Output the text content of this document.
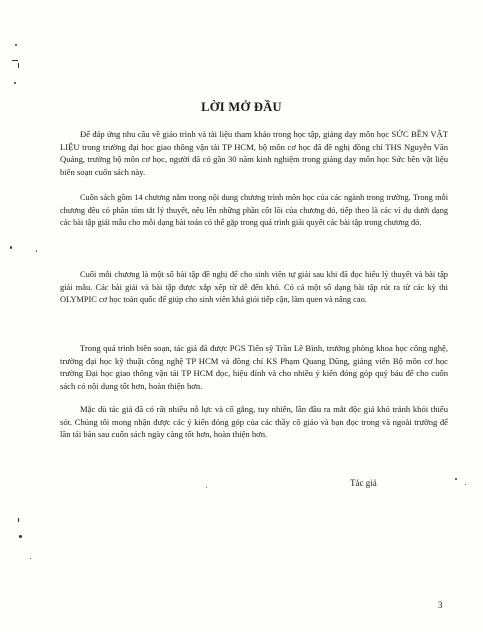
LỜI MỞ ĐẦU

Để đáp ứng nhu cầu về giáo trình và tài liệu tham khảo trong học tập, giảng dạy môn học SỨC BỀN VẬT LIỆU trong trường đại học giao thông vận tải TP HCM, bộ môn cơ học đã đề nghị đồng chí THS Nguyễn Văn Quảng, trưởng bộ môn cơ học, người đã có gần 30 năm kinh nghiệm trong giảng dạy môn học Sức bền vật liệu biên soạn cuốn sách này.

Cuốn sách gồm 14 chương nằm trong nội dung chương trình môn học của các ngành trong trường. Trong mỗi chương đều có phần tóm tắt lý thuyết, nêu lên những phần cốt lõi của chương đó, tiếp theo là các ví dụ dưới dạng các bài tập giải mẫu cho mỗi dạng bài toán có thể gặp trong quá trình giải quyết các bài tập trong chương đó.

Cuối mỗi chương là một số bài tập đề nghị để cho sinh viên tự giải sau khi đã đọc hiểu lý thuyết và bài tập giải mẫu. Các bài giải và bài tập được xắp xếp từ dễ đến khó. Có cả một số dạng bài tập rút ra từ các kỳ thi OLYMPIC cơ học toàn quốc để giúp cho sinh viên khá giỏi tiếp cận, làm quen và nâng cao.

Trong quá trình biên soạn, tác giả đã được PGS Tiến sỹ Trần Lê Bình, trưởng phòng khoa học công nghệ, trường đại học kỹ thuật công nghệ TP HCM và đồng chí KS Phạm Quang Dũng, giảng viên Bộ môn cơ học trường Đại học giao thông vận tải TP HCM đọc, hiệu đính và cho nhiều ý kiến đóng góp quý báu để cho cuốn sách có nội dung tốt hơn, hoàn thiện hơn.

Mặc dù tác giả đã có rất nhiều nỗ lực và cố gắng, tuy nhiên, lần đầu ra mắt độc giả khó tránh khỏi thiếu sót. Chúng tôi mong nhận được các ý kiến đóng góp của các thầy cô giáo và bạn đọc trong và ngoài trường để lần tái bản sau cuốn sách ngày càng tốt hơn, hoàn thiện hơn.

Tác giả
3
